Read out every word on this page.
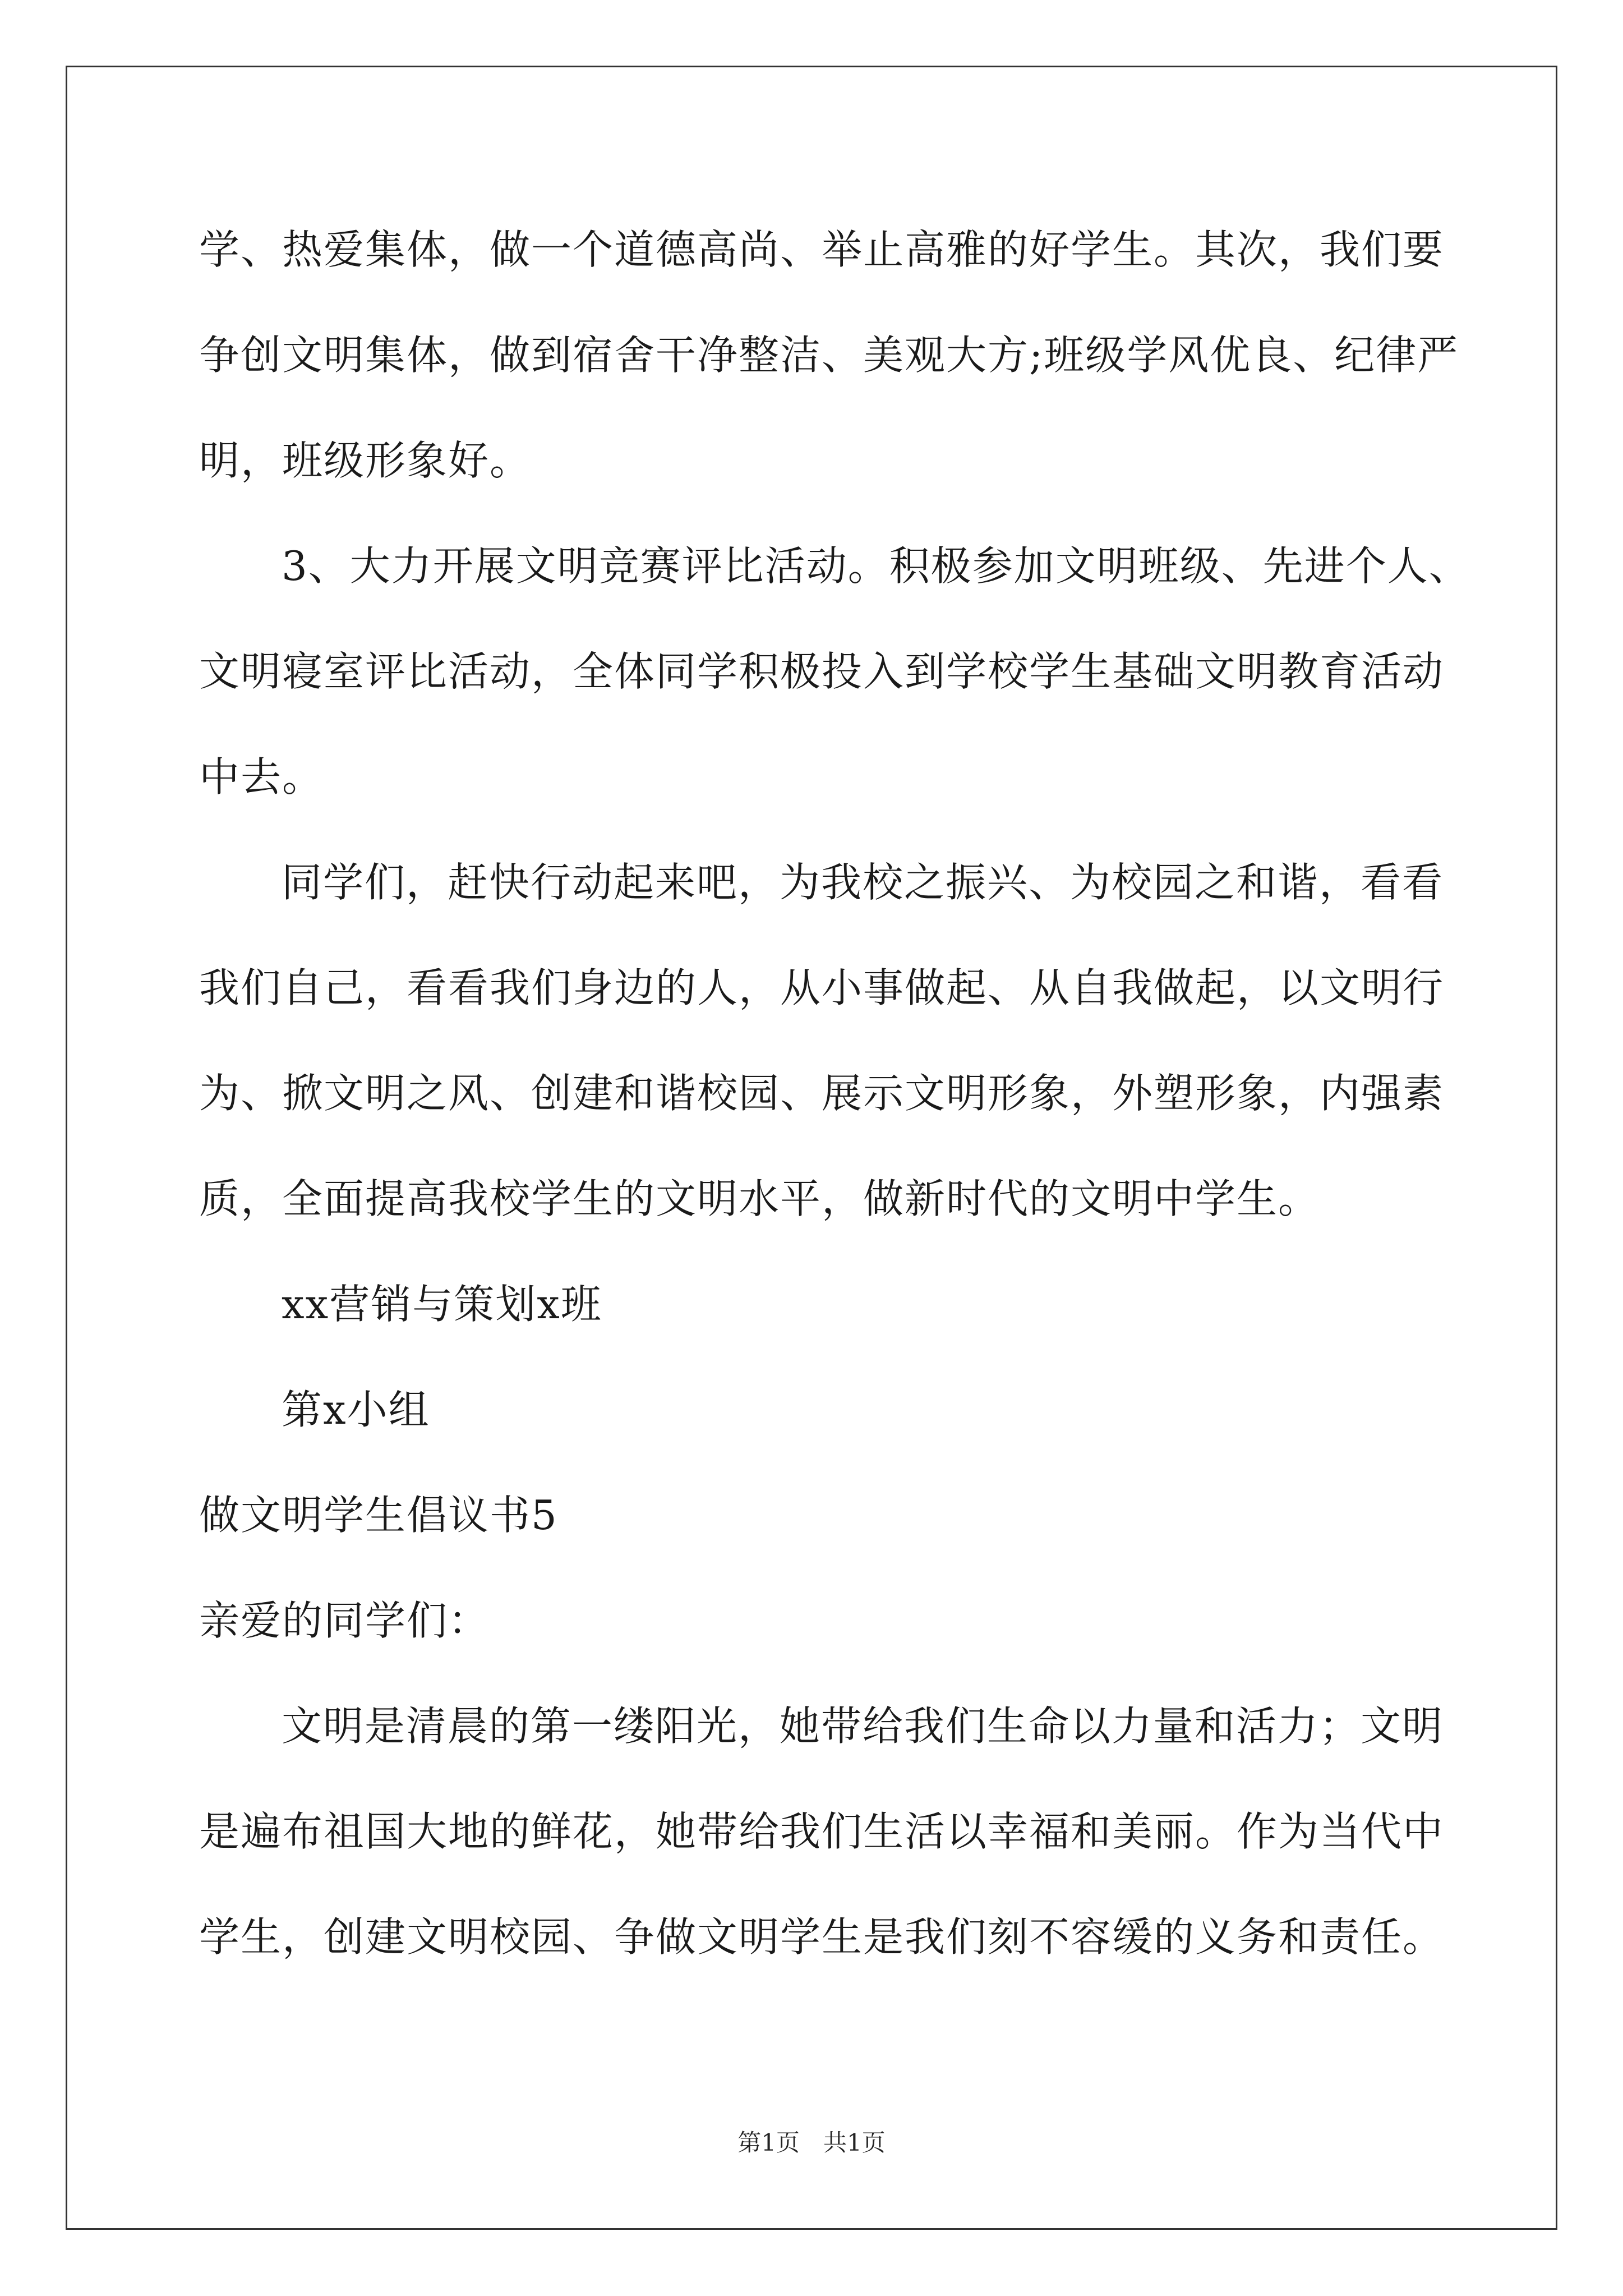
学、热爱集体，做一个道德高尚、举止高雅的好学生。其次，我们要
争创文明集体，做到宿舍干净整洁、美观大方;班级学风优良、纪律严
明，班级形象好。
3、大力开展文明竞赛评比活动。积极参加文明班级、先进个人、
文明寝室评比活动，全体同学积极投入到学校学生基础文明教育活动
中去。
同学们，赶快行动起来吧，为我校之振兴、为校园之和谐，看看
我们自己，看看我们身边的人，从小事做起、从自我做起，以文明行
为、掀文明之风、创建和谐校园、展示文明形象，外塑形象，内强素
质，全面提高我校学生的文明水平，做新时代的文明中学生。
xx营销与策划x班
第x小组
做文明学生倡议书5
亲爱的同学们：
文明是清晨的第一缕阳光，她带给我们生命以力量和活力；文明
是遍布祖国大地的鲜花，她带给我们生活以幸福和美丽。作为当代中
学生，创建文明校园、争做文明学生是我们刻不容缓的义务和责任。
第1页　共1页
